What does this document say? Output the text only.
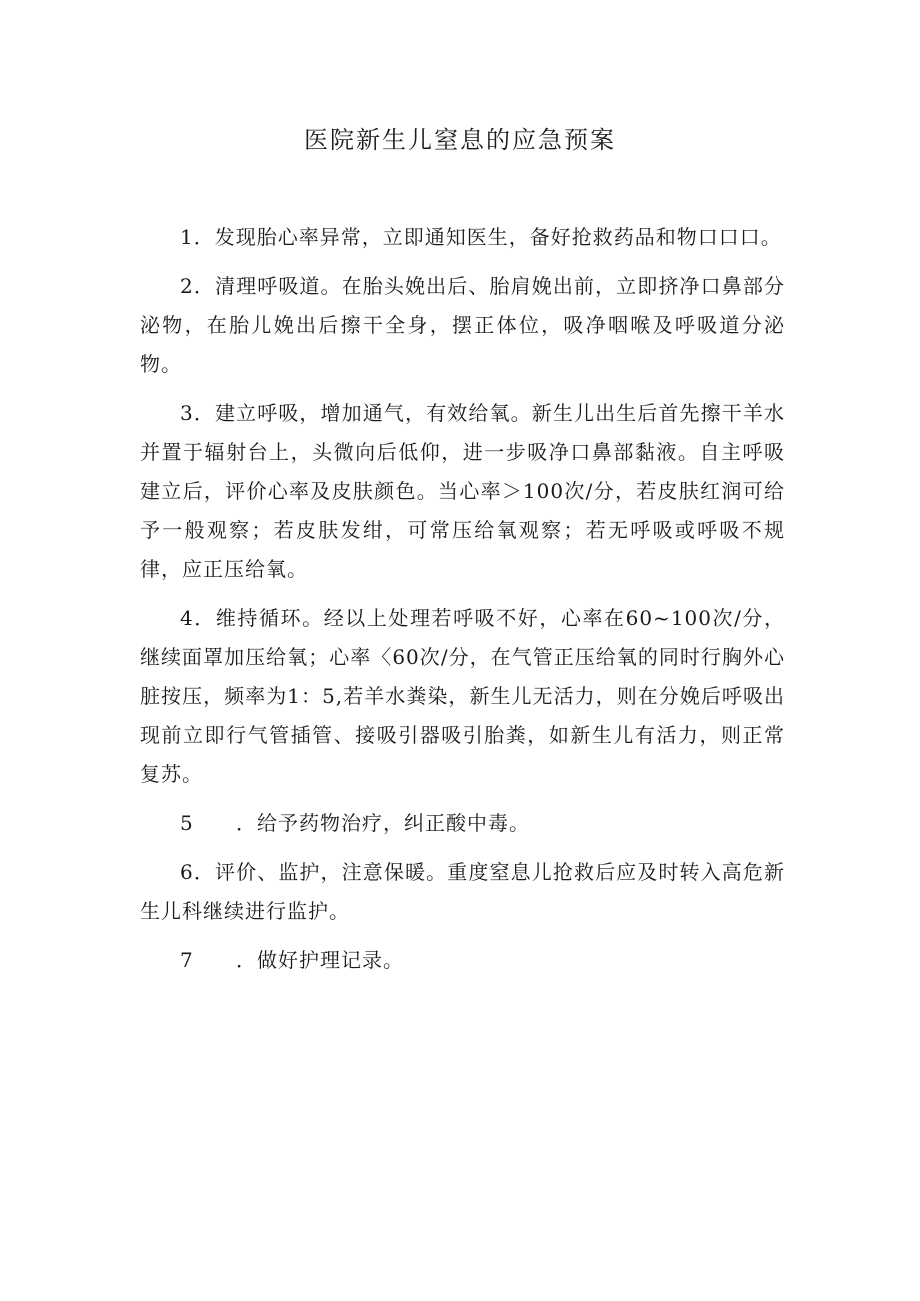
医院新生儿窒息的应急预案

1．发现胎心率异常，立即通知医生，备好抢救药品和物口口口。

2．清理呼吸道。在胎头娩出后、胎肩娩出前，立即挤净口鼻部分泌物，在胎儿娩出后擦干全身，摆正体位，吸净咽喉及呼吸道分泌物。

3．建立呼吸，增加通气，有效给氧。新生儿出生后首先擦干羊水并置于辐射台上，头微向后低仰，进一步吸净口鼻部黏液。自主呼吸建立后，评价心率及皮肤颜色。当心率＞100次/分，若皮肤红润可给予一般观察；若皮肤发绀，可常压给氧观察；若无呼吸或呼吸不规律，应正压给氧。

4．维持循环。经以上处理若呼吸不好，心率在60~100次/分，继续面罩加压给氧；心率〈60次/分，在气管正压给氧的同时行胸外心脏按压，频率为1：5,若羊水粪染，新生儿无活力，则在分娩后呼吸出现前立即行气管插管、接吸引器吸引胎粪，如新生儿有活力，则正常复苏。

5 ．给予药物治疗，纠正酸中毒。

6．评价、监护，注意保暖。重度窒息儿抢救后应及时转入高危新生儿科继续进行监护。

7 ．做好护理记录。
